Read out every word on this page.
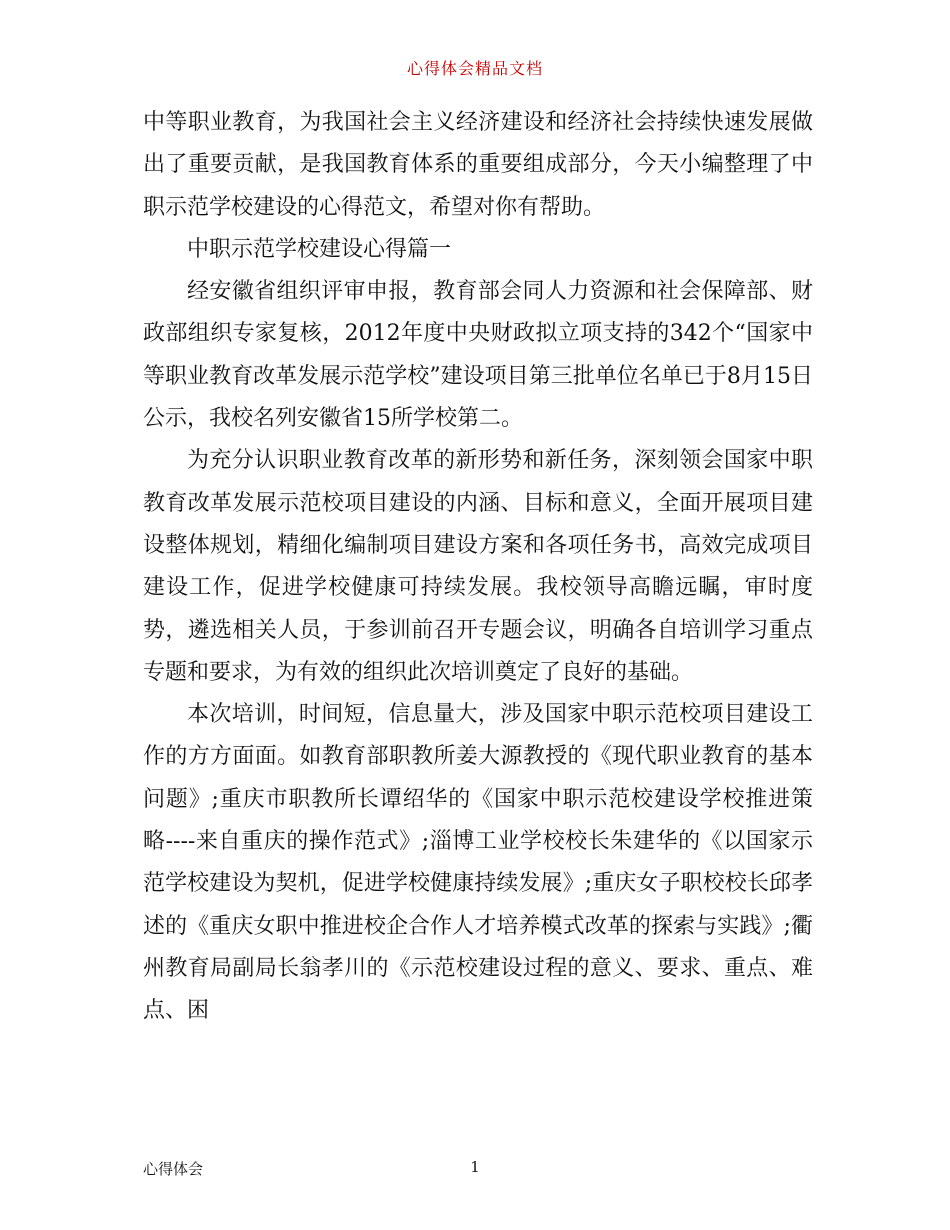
心得体会精品文档

中等职业教育，为我国社会主义经济建设和经济社会持续快速发展做出了重要贡献，是我国教育体系的重要组成部分，今天小编整理了中职示范学校建设的心得范文，希望对你有帮助。

中职示范学校建设心得篇一

经安徽省组织评审申报，教育部会同人力资源和社会保障部、财政部组织专家复核，2012年度中央财政拟立项支持的342个“国家中等职业教育改革发展示范学校”建设项目第三批单位名单已于8月15日公示，我校名列安徽省15所学校第二。

为充分认识职业教育改革的新形势和新任务，深刻领会国家中职教育改革发展示范校项目建设的内涵、目标和意义，全面开展项目建设整体规划，精细化编制项目建设方案和各项任务书，高效完成项目建设工作，促进学校健康可持续发展。我校领导高瞻远瞩，审时度势，遴选相关人员，于参训前召开专题会议，明确各自培训学习重点专题和要求，为有效的组织此次培训奠定了良好的基础。

本次培训，时间短，信息量大，涉及国家中职示范校项目建设工作的方方面面。如教育部职教所姜大源教授的《现代职业教育的基本问题》;重庆市职教所长谭绍华的《国家中职示范校建设学校推进策略----来自重庆的操作范式》;淄博工业学校校长朱建华的《以国家示范学校建设为契机，促进学校健康持续发展》;重庆女子职校校长邱孝述的《重庆女职中推进校企合作人才培养模式改革的探索与实践》;衢州教育局副局长翁孝川的《示范校建设过程的意义、要求、重点、难点、困

心得体会	1
